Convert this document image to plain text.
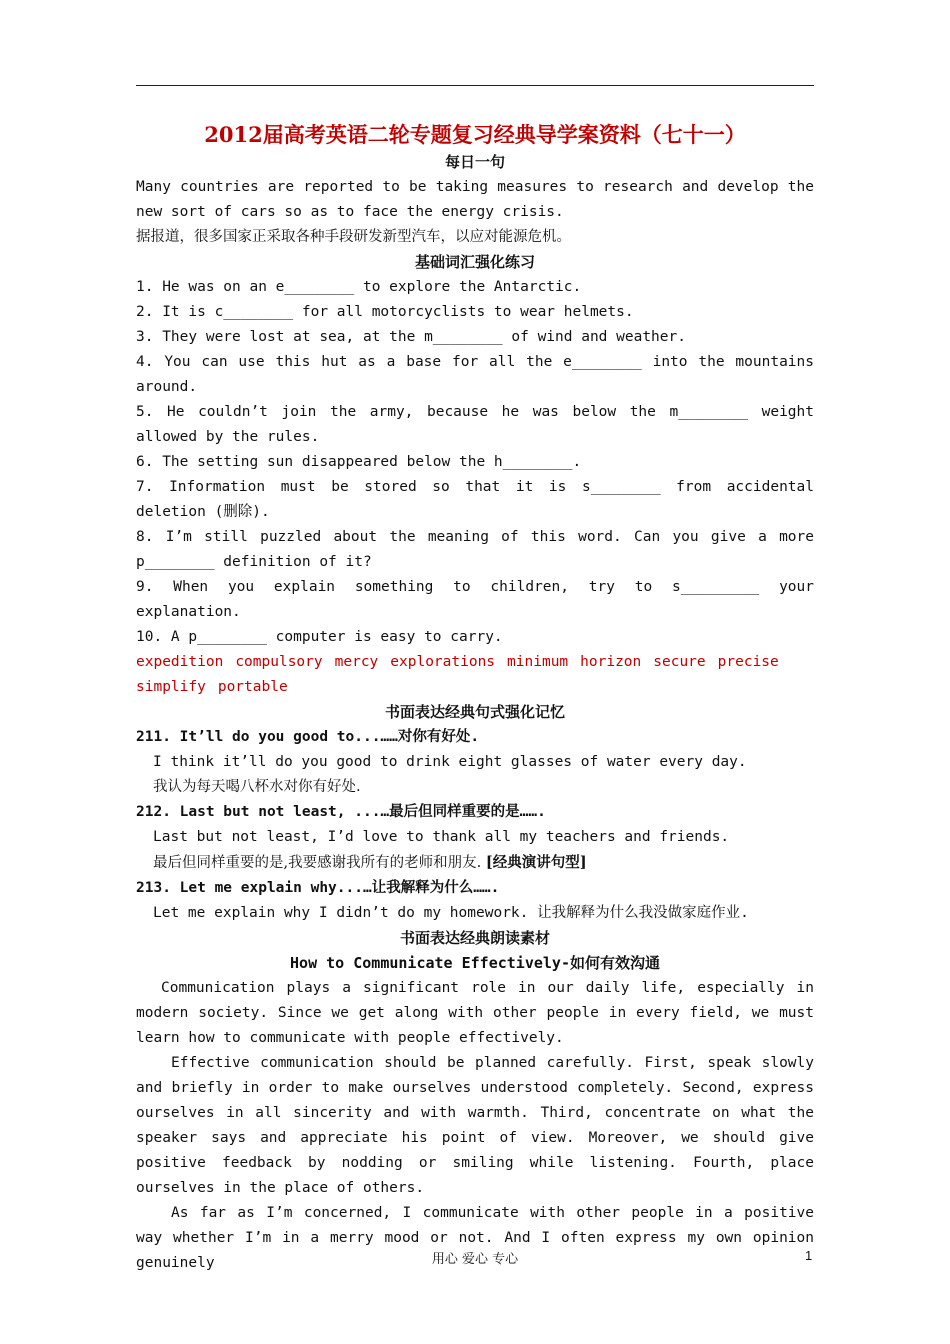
2012届高考英语二轮专题复习经典导学案资料（七十一）

每日一句

Many countries are reported to be taking measures to research and develop the new sort of cars so as to face the energy crisis.

据报道，很多国家正采取各种手段研发新型汽车，以应对能源危机。

基础词汇强化练习

1. He was on an e________ to explore the Antarctic.

2. It is c________ for all motorcyclists to wear helmets.

3. They were lost at sea, at the m________ of wind and weather.

4. You can use this hut as a base for all the e________ into the mountains around.

5. He couldn’t join the army, because he was below the m________ weight allowed by the rules.

6. The setting sun disappeared below the h________.

7. Information must be stored so that it is s________ from accidental deletion (删除).

8. I’m still puzzled about the meaning of this word. Can you give a more p________ definition of it?

9. When you explain something to children, try to s_________ your explanation.

10. A p________ computer is easy to carry.

expedition compulsory mercy explorations minimum horizon secure precisesimplify portable

书面表达经典句式强化记忆

211. It’ll do you good to...……对你有好处.

I think it’ll do you good to drink eight glasses of water every day.

我认为每天喝八杯水对你有好处.

212. Last but not least, ...…最后但同样重要的是…….

Last but not least, I’d love to thank all my teachers and friends.

最后但同样重要的是,我要感谢我所有的老师和朋友. [经典演讲句型]

213. Let me explain why...…让我解释为什么…….

Let me explain why I didn’t do my homework. 让我解释为什么我没做家庭作业.

书面表达经典朗读素材

How to Communicate Effectively-如何有效沟通

Communication plays a significant role in our daily life, especially in modern society. Since we get along with other people in every field, we must learn how to communicate with people effectively.

Effective communication should be planned carefully. First, speak slowly and briefly in order to make ourselves understood completely. Second, express ourselves in all sincerity and with warmth. Third, concentrate on what the speaker says and appreciate his point of view. Moreover, we should give positive feedback by nodding or smiling while listening. Fourth, place ourselves in the place of others.

As far as I’m concerned, I communicate with other people in a positive way whether I’m in a merry mood or not. And I often express my own opinion genuinely	用心 爱心 专心	1
